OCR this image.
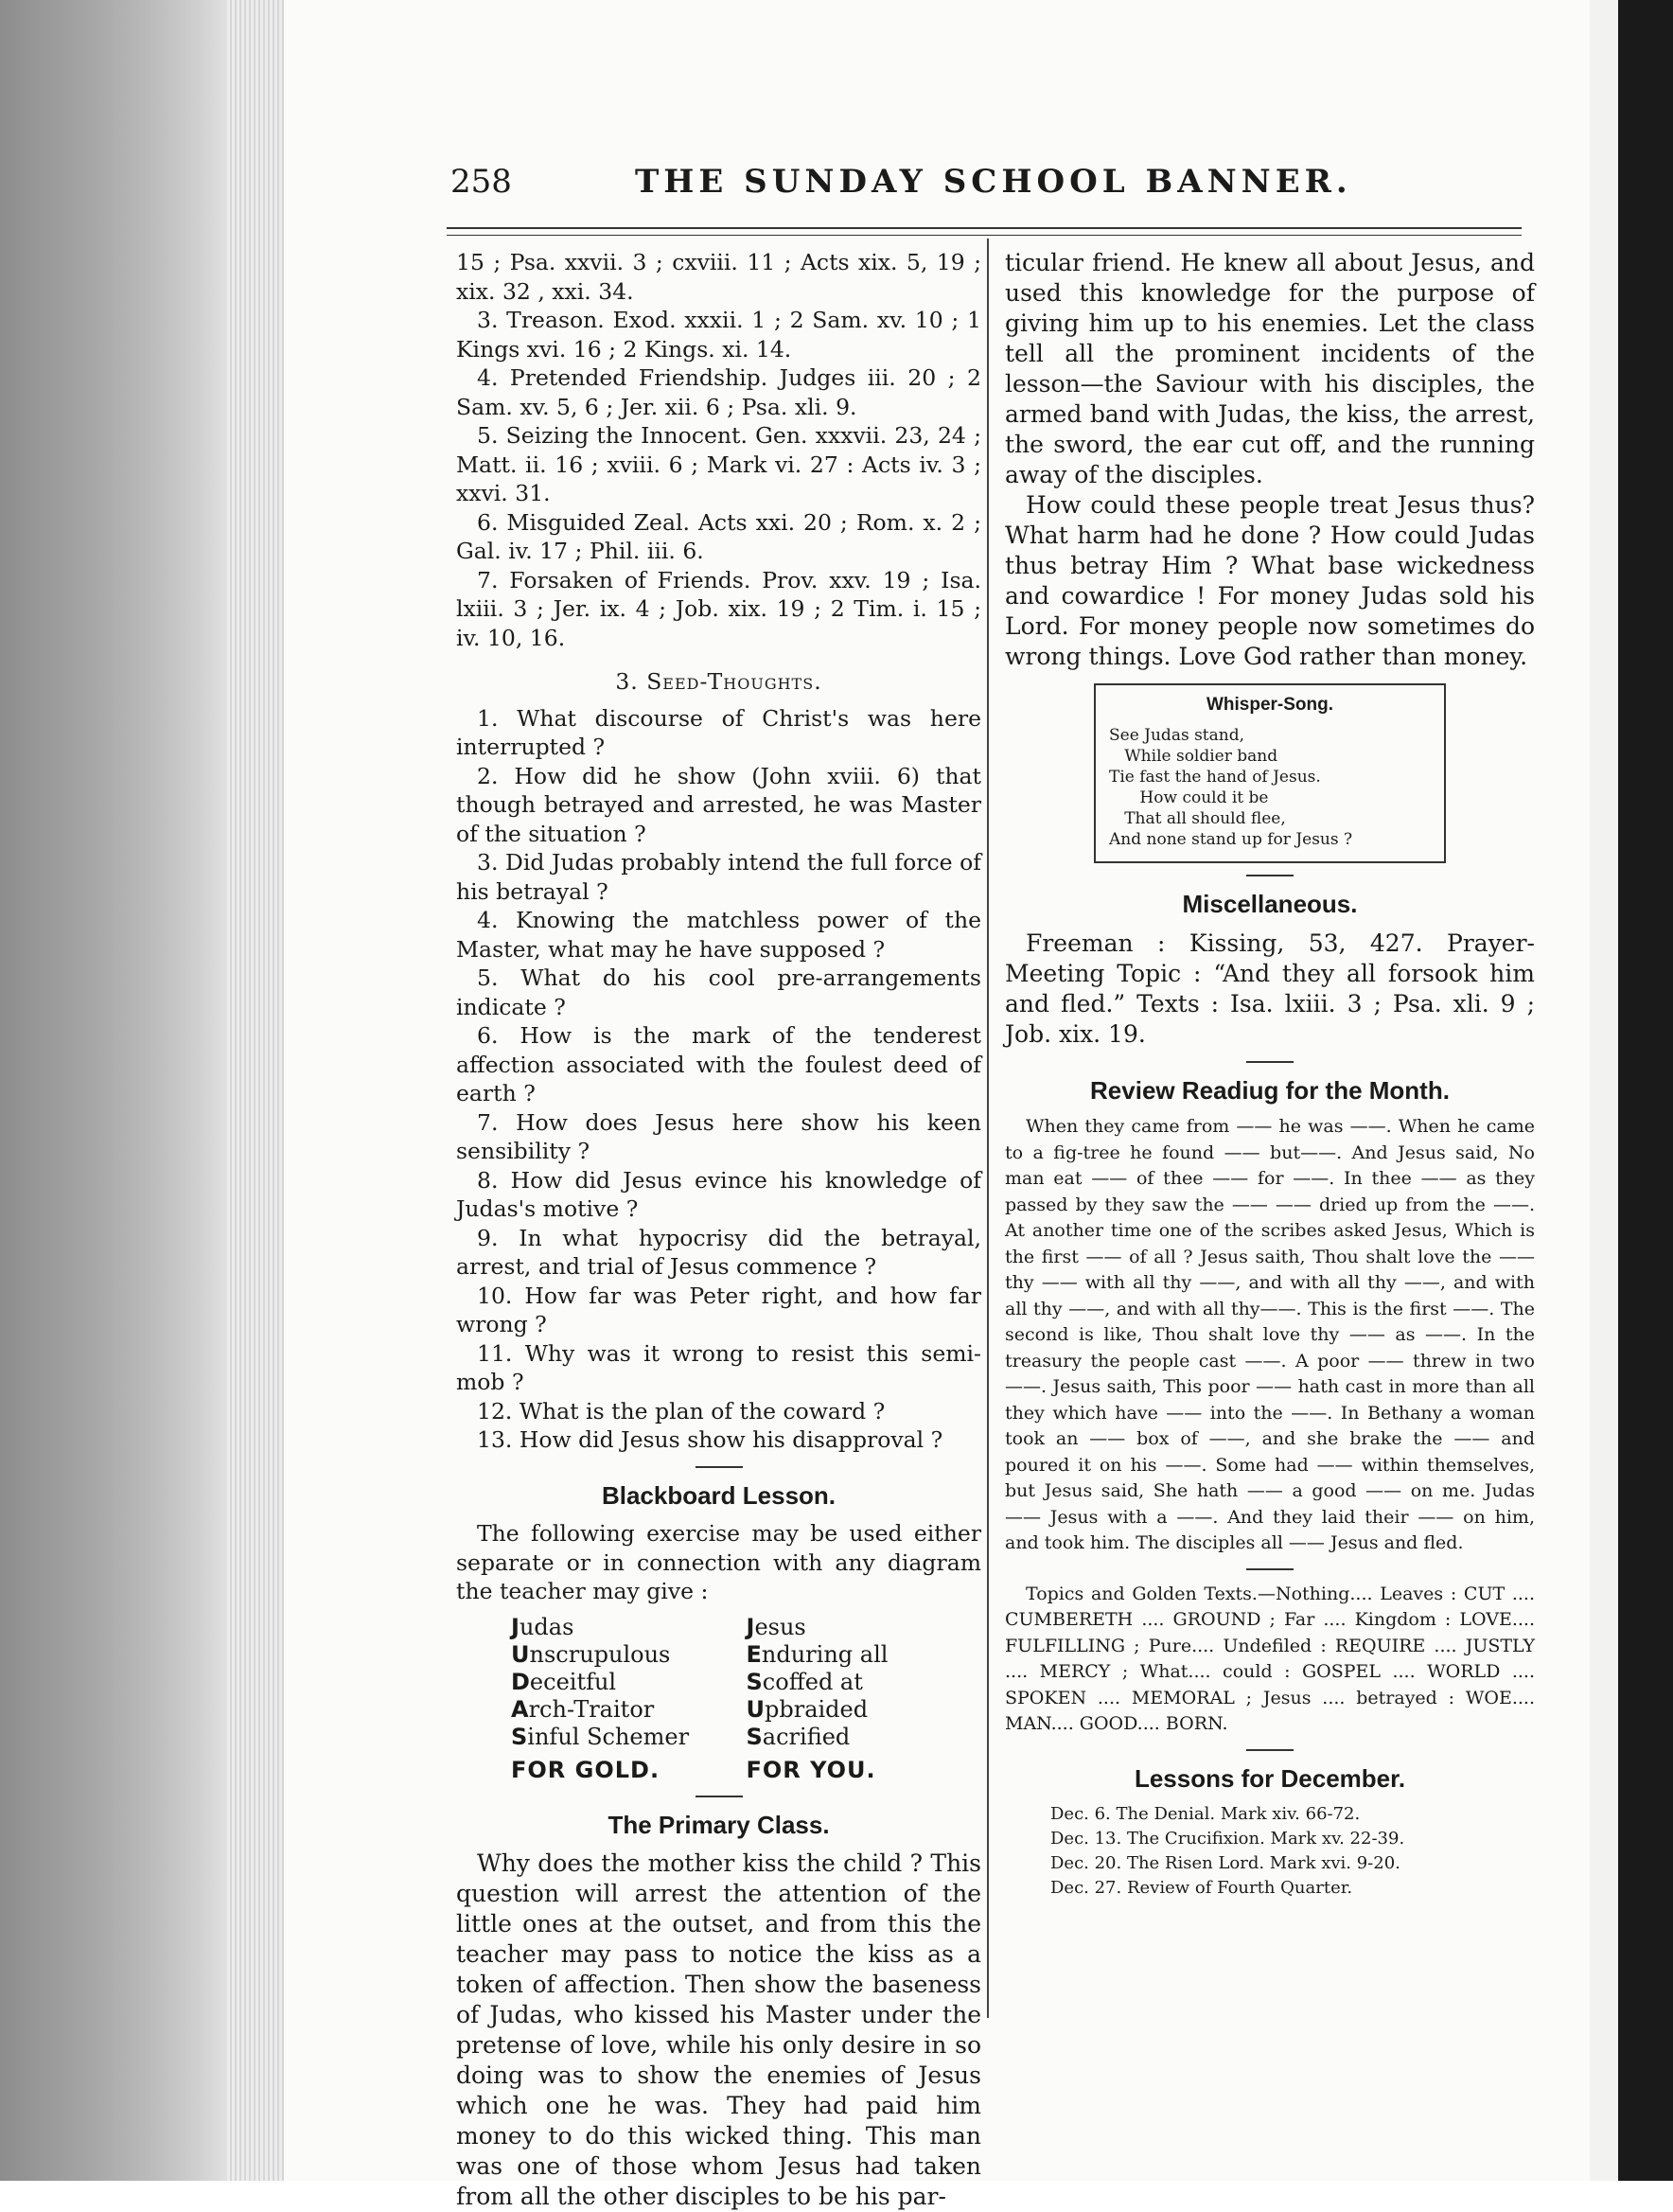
258	THE SUNDAY SCHOOL BANNER.

15 ; Psa. xxvii. 3 ; cxviii. 11 ; Acts xix. 5, 19 ; xix. 32 , xxi. 34.

3. Treason. Exod. xxxii. 1 ; 2 Sam. xv. 10 ; 1 Kings xvi. 16 ; 2 Kings. xi. 14.

4. Pretended Friendship. Judges iii. 20 ; 2 Sam. xv. 5, 6 ; Jer. xii. 6 ; Psa. xli. 9.

5. Seizing the Innocent. Gen. xxxvii. 23, 24 ; Matt. ii. 16 ; xviii. 6 ; Mark vi. 27 : Acts iv. 3 ; xxvi. 31.

6. Misguided Zeal. Acts xxi. 20 ; Rom. x. 2 ; Gal. iv. 17 ; Phil. iii. 6.

7. Forsaken of Friends. Prov. xxv. 19 ; Isa. lxiii. 3 ; Jer. ix. 4 ; Job. xix. 19 ; 2 Tim. i. 15 ; iv. 10, 16.

3. Seed-Thoughts.

1. What discourse of Christ's was here interrupted ?

2. How did he show (John xviii. 6) that though betrayed and arrested, he was Master of the situation ?

3. Did Judas probably intend the full force of his betrayal ?

4. Knowing the matchless power of the Master, what may he have supposed ?

5. What do his cool pre-arrangements indicate ?

6. How is the mark of the tenderest affection associated with the foulest deed of earth ?

7. How does Jesus here show his keen sensibility ?

8. How did Jesus evince his knowledge of Judas's motive ?

9. In what hypocrisy did the betrayal, arrest, and trial of Jesus commence ?

10. How far was Peter right, and how far wrong ?

11. Why was it wrong to resist this semi-mob ?

12. What is the plan of the coward ?

13. How did Jesus show his disapproval ?

Blackboard Lesson.

The following exercise may be used either separate or in connection with any diagram the teacher may give :

Judas
Unscrupulous
Deceitful
Arch-Traitor
Sinful Schemer
FOR GOLD.
Jesus
Enduring all
Scoffed at
Upbraided
Sacrified
FOR YOU.
The Primary Class.

Why does the mother kiss the child ? This question will arrest the attention of the little ones at the outset, and from this the teacher may pass to notice the kiss as a token of affection. Then show the baseness of Judas, who kissed his Master under the pretense of love, while his only desire in so doing was to show the enemies of Jesus which one he was. They had paid him money to do this wicked thing. This man was one of those whom Jesus had taken from all the other disciples to be his par-

ticular friend. He knew all about Jesus, and used this knowledge for the purpose of giving him up to his enemies. Let the class tell all the prominent incidents of the lesson—the Saviour with his disciples, the armed band with Judas, the kiss, the arrest, the sword, the ear cut off, and the running away of the disciples.

How could these people treat Jesus thus? What harm had he done ? How could Judas thus betray Him ? What base wickedness and cowardice ! For money Judas sold his Lord. For money people now sometimes do wrong things. Love God rather than money.

Whisper-Song.
See Judas stand,
While soldier band
Tie fast the hand of Jesus.
How could it be
That all should flee,
And none stand up for Jesus ?
Miscellaneous.

Freeman : Kissing, 53, 427. Prayer-Meeting Topic : “And they all forsook him and fled.” Texts : Isa. lxiii. 3 ; Psa. xli. 9 ; Job. xix. 19.

Review Readiug for the Month.

When they came from —— he was ——. When he came to a fig-tree he found —— but——. And Jesus said, No man eat —— of thee —— for ——. In thee —— as they passed by they saw the —— —— dried up from the ——. At another time one of the scribes asked Jesus, Which is the first —— of all ? Jesus saith, Thou shalt love the —— thy —— with all thy ——, and with all thy ——, and with all thy ——, and with all thy——. This is the first ——. The second is like, Thou shalt love thy —— as ——. In the treasury the people cast ——. A poor —— threw in two ——. Jesus saith, This poor —— hath cast in more than all they which have —— into the ——. In Bethany a woman took an —— box of ——, and she brake the —— and poured it on his ——. Some had —— within themselves, but Jesus said, She hath —— a good —— on me. Judas —— Jesus with a ——. And they laid their —— on him, and took him. The disciples all —— Jesus and fled.

Topics and Golden Texts.—Nothing.... Leaves : CUT .... CUMBERETH .... GROUND ; Far .... Kingdom : LOVE.... FULFILLING ; Pure.... Undefiled : REQUIRE .... JUSTLY .... MERCY ; What.... could : GOSPEL .... WORLD .... SPOKEN .... MEMORAL ; Jesus .... betrayed : WOE.... MAN.... GOOD.... BORN.

Lessons for December.
Dec. 6. The Denial. Mark xiv. 66-72.
Dec. 13. The Crucifixion. Mark xv. 22-39.
Dec. 20. The Risen Lord. Mark xvi. 9-20.
Dec. 27. Review of Fourth Quarter.
